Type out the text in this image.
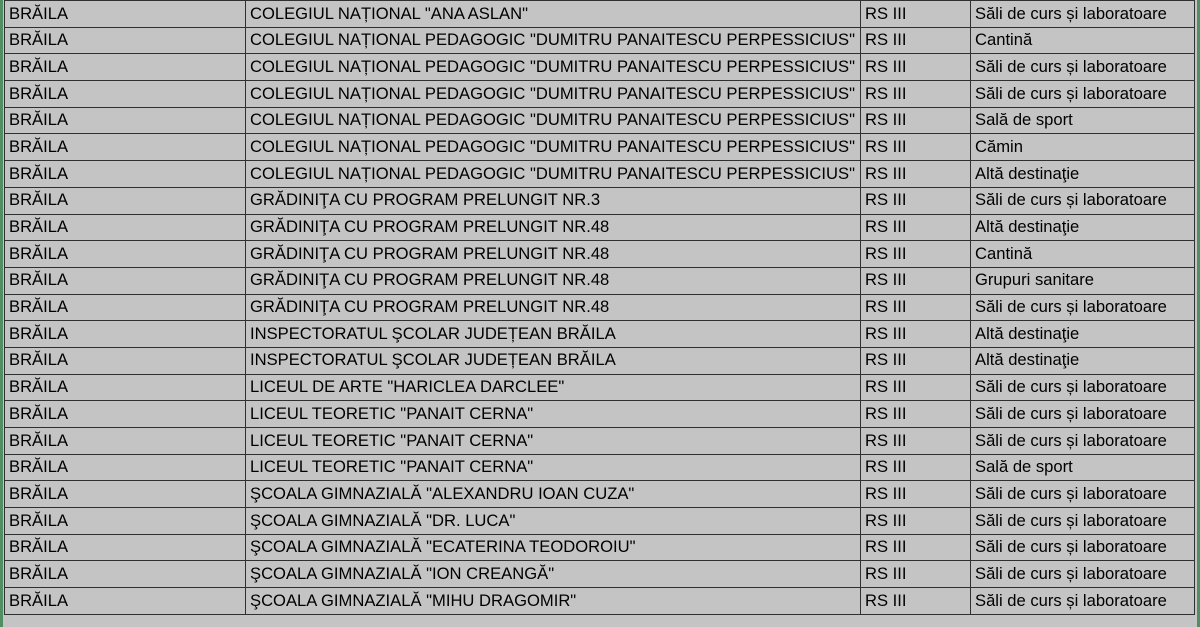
BRĂILA	COLEGIUL NAȚIONAL "ANA ASLAN"	RS III	Săli de curs și laboratoare
BRĂILA	COLEGIUL NAȚIONAL PEDAGOGIC "DUMITRU PANAITESCU PERPESSICIUS"	RS III	Cantină
BRĂILA	COLEGIUL NAȚIONAL PEDAGOGIC "DUMITRU PANAITESCU PERPESSICIUS"	RS III	Săli de curs și laboratoare
BRĂILA	COLEGIUL NAȚIONAL PEDAGOGIC "DUMITRU PANAITESCU PERPESSICIUS"	RS III	Săli de curs și laboratoare
BRĂILA	COLEGIUL NAȚIONAL PEDAGOGIC "DUMITRU PANAITESCU PERPESSICIUS"	RS III	Sală de sport
BRĂILA	COLEGIUL NAȚIONAL PEDAGOGIC "DUMITRU PANAITESCU PERPESSICIUS"	RS III	Cămin
BRĂILA	COLEGIUL NAȚIONAL PEDAGOGIC "DUMITRU PANAITESCU PERPESSICIUS"	RS III	Altă destinaţie
BRĂILA	GRĂDINIŢA CU PROGRAM PRELUNGIT NR.3	RS III	Săli de curs și laboratoare
BRĂILA	GRĂDINIŢA CU PROGRAM PRELUNGIT NR.48	RS III	Altă destinaţie
BRĂILA	GRĂDINIŢA CU PROGRAM PRELUNGIT NR.48	RS III	Cantină
BRĂILA	GRĂDINIŢA CU PROGRAM PRELUNGIT NR.48	RS III	Grupuri sanitare
BRĂILA	GRĂDINIŢA CU PROGRAM PRELUNGIT NR.48	RS III	Săli de curs și laboratoare
BRĂILA	INSPECTORATUL ŞCOLAR JUDEȚEAN BRĂILA	RS III	Altă destinaţie
BRĂILA	INSPECTORATUL ŞCOLAR JUDEȚEAN BRĂILA	RS III	Altă destinaţie
BRĂILA	LICEUL DE ARTE "HARICLEA DARCLEE"	RS III	Săli de curs și laboratoare
BRĂILA	LICEUL TEORETIC "PANAIT CERNA"	RS III	Săli de curs și laboratoare
BRĂILA	LICEUL TEORETIC "PANAIT CERNA"	RS III	Săli de curs și laboratoare
BRĂILA	LICEUL TEORETIC "PANAIT CERNA"	RS III	Sală de sport
BRĂILA	ŞCOALA GIMNAZIALĂ "ALEXANDRU IOAN CUZA"	RS III	Săli de curs și laboratoare
BRĂILA	ŞCOALA GIMNAZIALĂ "DR. LUCA"	RS III	Săli de curs și laboratoare
BRĂILA	ŞCOALA GIMNAZIALĂ "ECATERINA TEODOROIU"	RS III	Săli de curs și laboratoare
BRĂILA	ŞCOALA GIMNAZIALĂ "ION CREANGĂ"	RS III	Săli de curs și laboratoare
BRĂILA	ŞCOALA GIMNAZIALĂ "MIHU DRAGOMIR"	RS III	Săli de curs și laboratoare
